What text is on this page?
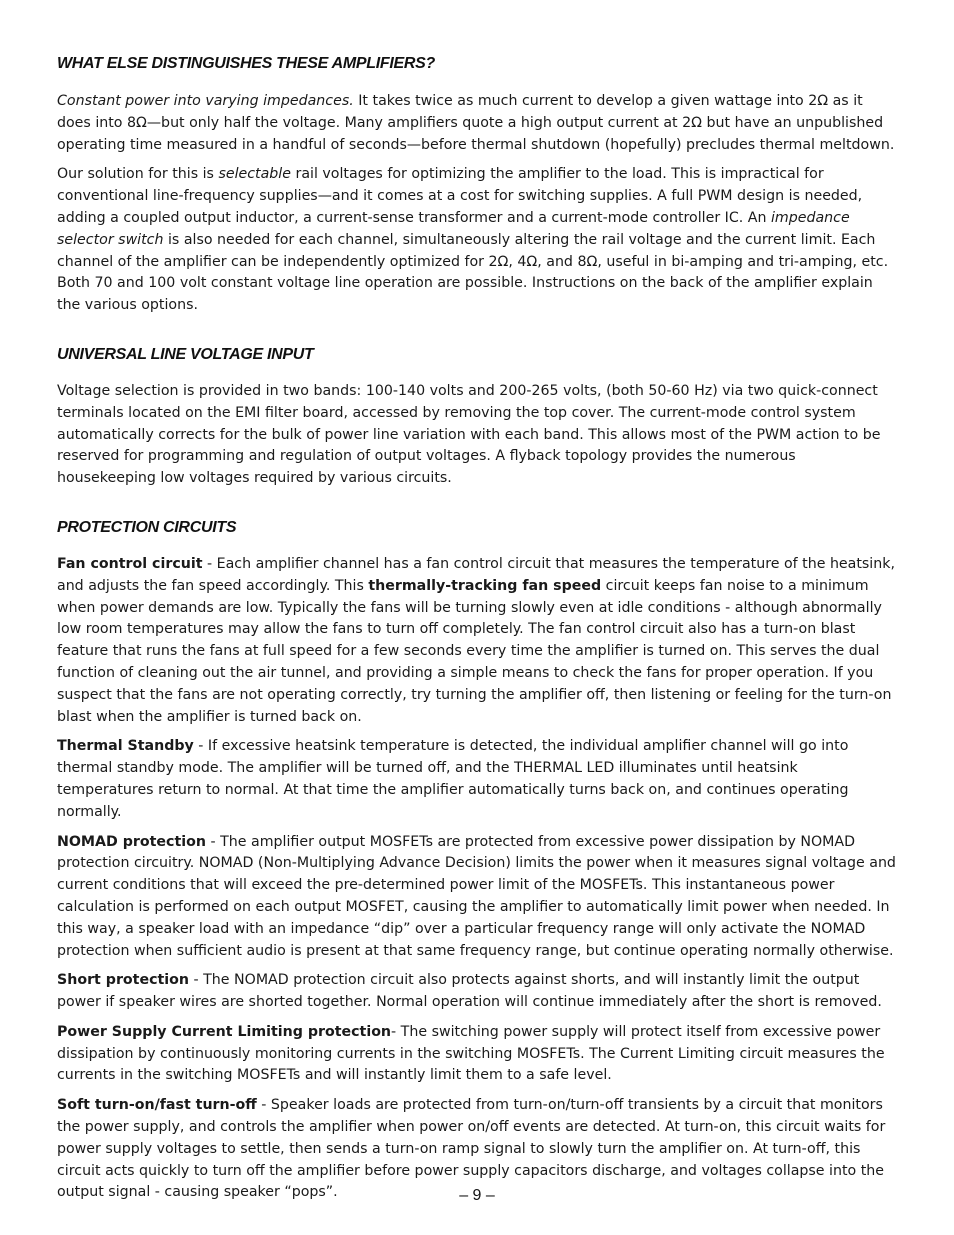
WHAT ELSE DISTINGUISHES THESE AMPLIFIERS?

Constant power into varying impedances. It takes twice as much current to develop a given wattage into 2Ω as it does into 8Ω—but only half the voltage. Many amplifiers quote a high output current at 2Ω but have an unpublished operating time measured in a handful of seconds—before thermal shutdown (hopefully) precludes thermal meltdown.

Our solution for this is selectable rail voltages for optimizing the amplifier to the load. This is impractical for conventional line-frequency supplies—and it comes at a cost for switching supplies. A full PWM design is needed, adding a coupled output inductor, a current-sense transformer and a current-mode controller IC. An impedance selector switch is also needed for each channel, simultaneously altering the rail voltage and the current limit. Each channel of the amplifier can be independently optimized for 2Ω, 4Ω, and 8Ω, useful in bi-amping and tri-amping, etc. Both 70 and 100 volt constant voltage line operation are possible. Instructions on the back of the amplifier explain the various options.

UNIVERSAL LINE VOLTAGE INPUT

Voltage selection is provided in two bands: 100-140 volts and 200-265 volts, (both 50-60 Hz) via two quick-connect terminals located on the EMI filter board, accessed by removing the top cover. The current-mode control system automatically corrects for the bulk of power line variation with each band. This allows most of the PWM action to be reserved for programming and regulation of output voltages. A flyback topology provides the numerous housekeeping low voltages required by various circuits.

PROTECTION CIRCUITS

Fan control circuit - Each amplifier channel has a fan control circuit that measures the temperature of the heatsink, and adjusts the fan speed accordingly. This thermally-tracking fan speed circuit keeps fan noise to a minimum when power demands are low. Typically the fans will be turning slowly even at idle conditions - although abnormally low room temperatures may allow the fans to turn off completely. The fan control circuit also has a turn-on blast feature that runs the fans at full speed for a few seconds every time the amplifier is turned on. This serves the dual function of cleaning out the air tunnel, and providing a simple means to check the fans for proper operation. If you suspect that the fans are not operating correctly, try turning the amplifier off, then listening or feeling for the turn-on blast when the amplifier is turned back on.

Thermal Standby - If excessive heatsink temperature is detected, the individual amplifier channel will go into thermal standby mode. The amplifier will be turned off, and the THERMAL LED illuminates until heatsink temperatures return to normal. At that time the amplifier automatically turns back on, and continues operating normally.

NOMAD protection - The amplifier output MOSFETs are protected from excessive power dissipation by NOMAD protection circuitry. NOMAD (Non-Multiplying Advance Decision) limits the power when it measures signal voltage and current conditions that will exceed the pre-determined power limit of the MOSFETs. This instantaneous power calculation is performed on each output MOSFET, causing the amplifier to automatically limit power when needed. In this way, a speaker load with an impedance “dip” over a particular frequency range will only activate the NOMAD protection when sufficient audio is present at that same frequency range, but continue operating normally otherwise.

Short protection - The NOMAD protection circuit also protects against shorts, and will instantly limit the output power if speaker wires are shorted together. Normal operation will continue immediately after the short is removed.

Power Supply Current Limiting protection- The switching power supply will protect itself from excessive power dissipation by continuously monitoring currents in the switching MOSFETs. The Current Limiting circuit measures the currents in the switching MOSFETs and will instantly limit them to a safe level.

Soft turn-on/fast turn-off - Speaker loads are protected from turn-on/turn-off transients by a circuit that monitors the power supply, and controls the amplifier when power on/off events are detected. At turn-on, this circuit waits for power supply voltages to settle, then sends a turn-on ramp signal to slowly turn the amplifier on. At turn-off, this circuit acts quickly to turn off the amplifier before power supply capacitors discharge, and voltages collapse into the output signal - causing speaker “pops”.	– 9 –
